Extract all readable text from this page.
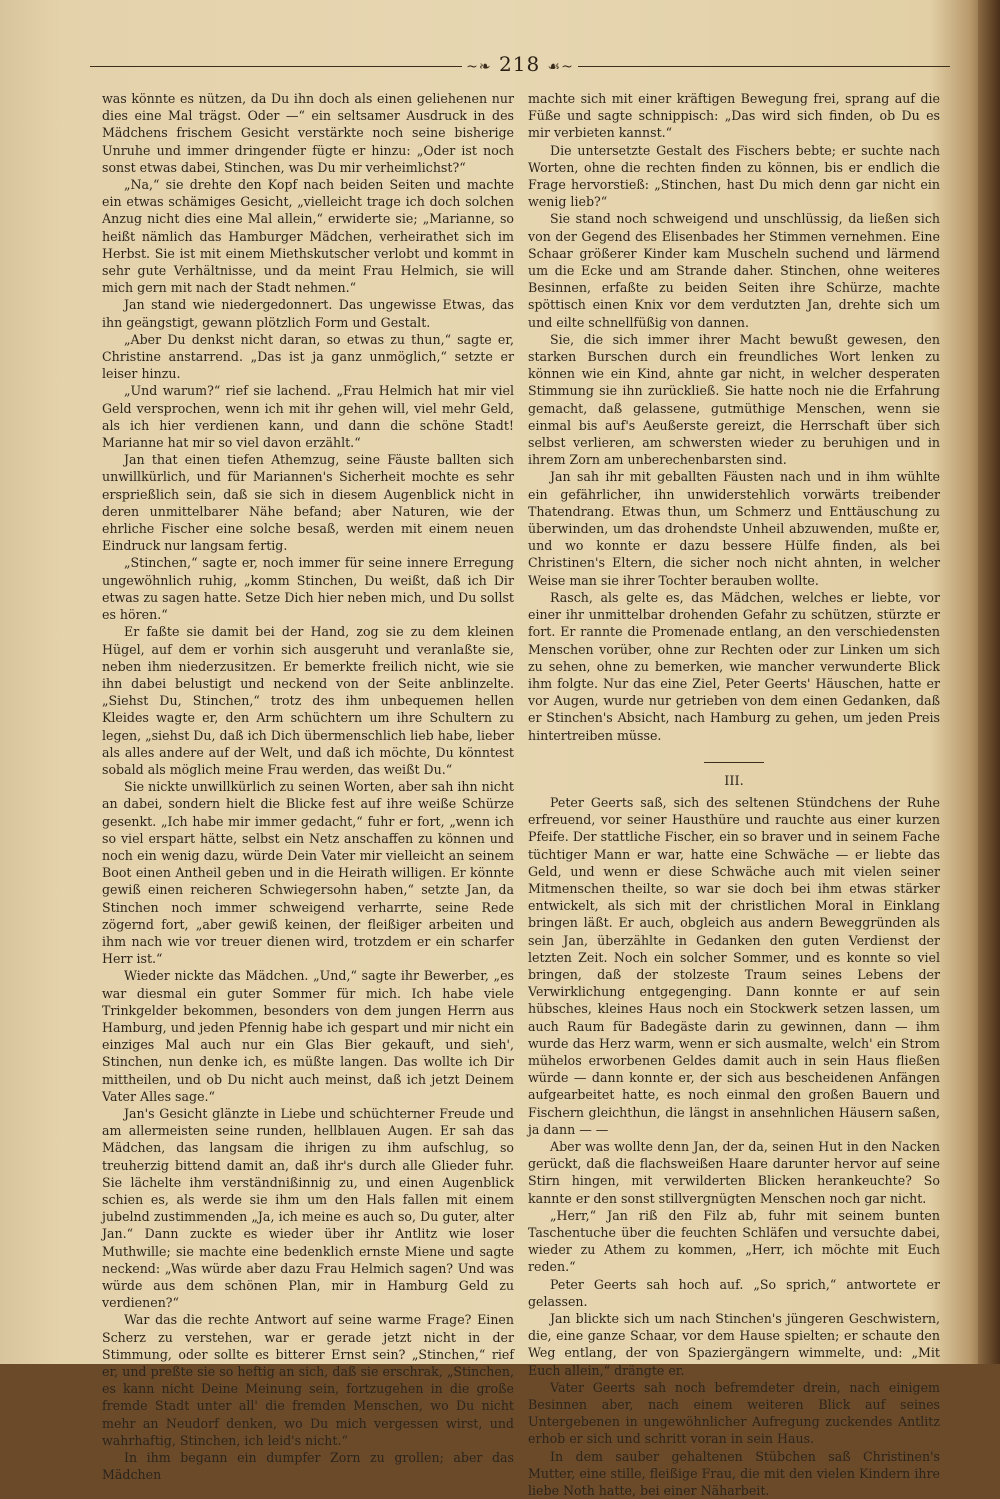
~❧ 218 ☙~

was könnte es nützen, da Du ihn doch als einen geliehenen nur dies eine Mal trägst. Oder —“ ein seltsamer Ausdruck in des Mädchens frischem Gesicht verstärkte noch seine bisherige Unruhe und immer dringender fügte er hinzu: „Oder ist noch sonst etwas dabei, Stinchen, was Du mir verheimlichst?“

„Na,“ sie drehte den Kopf nach beiden Seiten und machte ein etwas schämiges Gesicht, „vielleicht trage ich doch solchen Anzug nicht dies eine Mal allein,“ erwiderte sie; „Marianne, so heißt nämlich das Hamburger Mädchen, verheirathet sich im Herbst. Sie ist mit einem Miethskutscher verlobt und kommt in sehr gute Verhältnisse, und da meint Frau Helmich, sie will mich gern mit nach der Stadt nehmen.“

Jan stand wie niedergedonnert. Das ungewisse Etwas, das ihn geängstigt, gewann plötzlich Form und Gestalt.

„Aber Du denkst nicht daran, so etwas zu thun,“ sagte er, Christine anstarrend. „Das ist ja ganz unmöglich,“ setzte er leiser hinzu.

„Und warum?“ rief sie lachend. „Frau Helmich hat mir viel Geld versprochen, wenn ich mit ihr gehen will, viel mehr Geld, als ich hier verdienen kann, und dann die schöne Stadt! Marianne hat mir so viel davon erzählt.“

Jan that einen tiefen Athemzug, seine Fäuste ballten sich unwillkürlich, und für Mariannen's Sicherheit mochte es sehr ersprießlich sein, daß sie sich in diesem Augenblick nicht in deren unmittelbarer Nähe befand; aber Naturen, wie der ehrliche Fischer eine solche besaß, werden mit einem neuen Eindruck nur langsam fertig.

„Stinchen,“ sagte er, noch immer für seine innere Erregung ungewöhnlich ruhig, „komm Stinchen, Du weißt, daß ich Dir etwas zu sagen hatte. Setze Dich hier neben mich, und Du sollst es hören.“

Er faßte sie damit bei der Hand, zog sie zu dem kleinen Hügel, auf dem er vorhin sich ausgeruht und veranlaßte sie, neben ihm niederzusitzen. Er bemerkte freilich nicht, wie sie ihn dabei belustigt und neckend von der Seite anblinzelte. „Siehst Du, Stinchen,“ trotz des ihm unbequemen hellen Kleides wagte er, den Arm schüchtern um ihre Schultern zu legen, „siehst Du, daß ich Dich übermenschlich lieb habe, lieber als alles andere auf der Welt, und daß ich möchte, Du könntest sobald als möglich meine Frau werden, das weißt Du.“

Sie nickte unwillkürlich zu seinen Worten, aber sah ihn nicht an dabei, sondern hielt die Blicke fest auf ihre weiße Schürze gesenkt. „Ich habe mir immer gedacht,“ fuhr er fort, „wenn ich so viel erspart hätte, selbst ein Netz anschaffen zu können und noch ein wenig dazu, würde Dein Vater mir vielleicht an seinem Boot einen Antheil geben und in die Heirath willigen. Er könnte gewiß einen reicheren Schwiegersohn haben,“ setzte Jan, da Stinchen noch immer schweigend verharrte, seine Rede zögernd fort, „aber gewiß keinen, der fleißiger arbeiten und ihm nach wie vor treuer dienen wird, trotzdem er ein scharfer Herr ist.“

Wieder nickte das Mädchen. „Und,“ sagte ihr Bewerber, „es war diesmal ein guter Sommer für mich. Ich habe viele Trinkgelder bekommen, besonders von dem jungen Herrn aus Hamburg, und jeden Pfennig habe ich gespart und mir nicht ein einziges Mal auch nur ein Glas Bier gekauft, und sieh', Stinchen, nun denke ich, es müßte langen. Das wollte ich Dir mittheilen, und ob Du nicht auch meinst, daß ich jetzt Deinem Vater Alles sage.“

Jan's Gesicht glänzte in Liebe und schüchterner Freude und am allermeisten seine runden, hellblauen Augen. Er sah das Mädchen, das langsam die ihrigen zu ihm aufschlug, so treuherzig bittend damit an, daß ihr's durch alle Glieder fuhr. Sie lächelte ihm verständnißinnig zu, und einen Augenblick schien es, als werde sie ihm um den Hals fallen mit einem jubelnd zustimmenden „Ja, ich meine es auch so, Du guter, alter Jan.“ Dann zuckte es wieder über ihr Antlitz wie loser Muthwille; sie machte eine bedenklich ernste Miene und sagte neckend: „Was würde aber dazu Frau Helmich sagen? Und was würde aus dem schönen Plan, mir in Hamburg Geld zu verdienen?“

War das die rechte Antwort auf seine warme Frage? Einen Scherz zu verstehen, war er gerade jetzt nicht in der Stimmung, oder sollte es bitterer Ernst sein? „Stinchen,“ rief er, und preßte sie so heftig an sich, daß sie erschrak, „Stinchen, es kann nicht Deine Meinung sein, fortzugehen in die große fremde Stadt unter all' die fremden Menschen, wo Du nicht mehr an Neudorf denken, wo Du mich vergessen wirst, und wahrhaftig, Stinchen, ich leid's nicht.“

In ihm begann ein dumpfer Zorn zu grollen; aber das Mädchen

machte sich mit einer kräftigen Bewegung frei, sprang auf die Füße und sagte schnippisch: „Das wird sich finden, ob Du es mir verbieten kannst.“

Die untersetzte Gestalt des Fischers bebte; er suchte nach Worten, ohne die rechten finden zu können, bis er endlich die Frage hervorstieß: „Stinchen, hast Du mich denn gar nicht ein wenig lieb?“

Sie stand noch schweigend und unschlüssig, da ließen sich von der Gegend des Elisenbades her Stimmen vernehmen. Eine Schaar größerer Kinder kam Muscheln suchend und lärmend um die Ecke und am Strande daher. Stinchen, ohne weiteres Besinnen, erfaßte zu beiden Seiten ihre Schürze, machte spöttisch einen Knix vor dem verdutzten Jan, drehte sich um und eilte schnellfüßig von dannen.

Sie, die sich immer ihrer Macht bewußt gewesen, den starken Burschen durch ein freundliches Wort lenken zu können wie ein Kind, ahnte gar nicht, in welcher desperaten Stimmung sie ihn zurückließ. Sie hatte noch nie die Erfahrung gemacht, daß gelassene, gutmüthige Menschen, wenn sie einmal bis auf's Aeußerste gereizt, die Herrschaft über sich selbst verlieren, am schwersten wieder zu beruhigen und in ihrem Zorn am unberechenbarsten sind.

Jan sah ihr mit geballten Fäusten nach und in ihm wühlte ein gefährlicher, ihn unwiderstehlich vorwärts treibender Thatendrang. Etwas thun, um Schmerz und Enttäuschung zu überwinden, um das drohendste Unheil abzuwenden, mußte er, und wo konnte er dazu bessere Hülfe finden, als bei Christinen's Eltern, die sicher noch nicht ahnten, in welcher Weise man sie ihrer Tochter berauben wollte.

Rasch, als gelte es, das Mädchen, welches er liebte, vor einer ihr unmittelbar drohenden Gefahr zu schützen, stürzte er fort. Er rannte die Promenade entlang, an den verschiedensten Menschen vorüber, ohne zur Rechten oder zur Linken um sich zu sehen, ohne zu bemerken, wie mancher verwunderte Blick ihm folgte. Nur das eine Ziel, Peter Geerts' Häuschen, hatte er vor Augen, wurde nur getrieben von dem einen Gedanken, daß er Stinchen's Absicht, nach Hamburg zu gehen, um jeden Preis hintertreiben müsse.

III.

Peter Geerts saß, sich des seltenen Stündchens der Ruhe erfreuend, vor seiner Hausthüre und rauchte aus einer kurzen Pfeife. Der stattliche Fischer, ein so braver und in seinem Fache tüchtiger Mann er war, hatte eine Schwäche — er liebte das Geld, und wenn er diese Schwäche auch mit vielen seiner Mitmenschen theilte, so war sie doch bei ihm etwas stärker entwickelt, als sich mit der christlichen Moral in Einklang bringen läßt. Er auch, obgleich aus andern Beweggründen als sein Jan, überzählte in Gedanken den guten Verdienst der letzten Zeit. Noch ein solcher Sommer, und es konnte so viel bringen, daß der stolzeste Traum seines Lebens der Verwirklichung entgegenging. Dann konnte er auf sein hübsches, kleines Haus noch ein Stockwerk setzen lassen, um auch Raum für Badegäste darin zu gewinnen, dann — ihm wurde das Herz warm, wenn er sich ausmalte, welch' ein Strom mühelos erworbenen Geldes damit auch in sein Haus fließen würde — dann konnte er, der sich aus bescheidenen Anfängen aufgearbeitet hatte, es noch einmal den großen Bauern und Fischern gleichthun, die längst in ansehnlichen Häusern saßen, ja dann — —

Aber was wollte denn Jan, der da, seinen Hut in den Nacken gerückt, daß die flachsweißen Haare darunter hervor auf seine Stirn hingen, mit verwilderten Blicken herankeuchte? So kannte er den sonst stillvergnügten Menschen noch gar nicht.

„Herr,“ Jan riß den Filz ab, fuhr mit seinem bunten Taschentuche über die feuchten Schläfen und versuchte dabei, wieder zu Athem zu kommen, „Herr, ich möchte mit Euch reden.“

Peter Geerts sah hoch auf. „So sprich,“ antwortete er gelassen.

Jan blickte sich um nach Stinchen's jüngeren Geschwistern, die, eine ganze Schaar, vor dem Hause spielten; er schaute den Weg entlang, der von Spaziergängern wimmelte, und: „Mit Euch allein,“ drängte er.

Vater Geerts sah noch befremdeter drein, nach einigem Besinnen aber, nach einem weiteren Blick auf seines Untergebenen in ungewöhnlicher Aufregung zuckendes Antlitz erhob er sich und schritt voran in sein Haus.

In dem sauber gehaltenen Stübchen saß Christinen's Mutter, eine stille, fleißige Frau, die mit den vielen Kindern ihre liebe Noth hatte, bei einer Näharbeit.
